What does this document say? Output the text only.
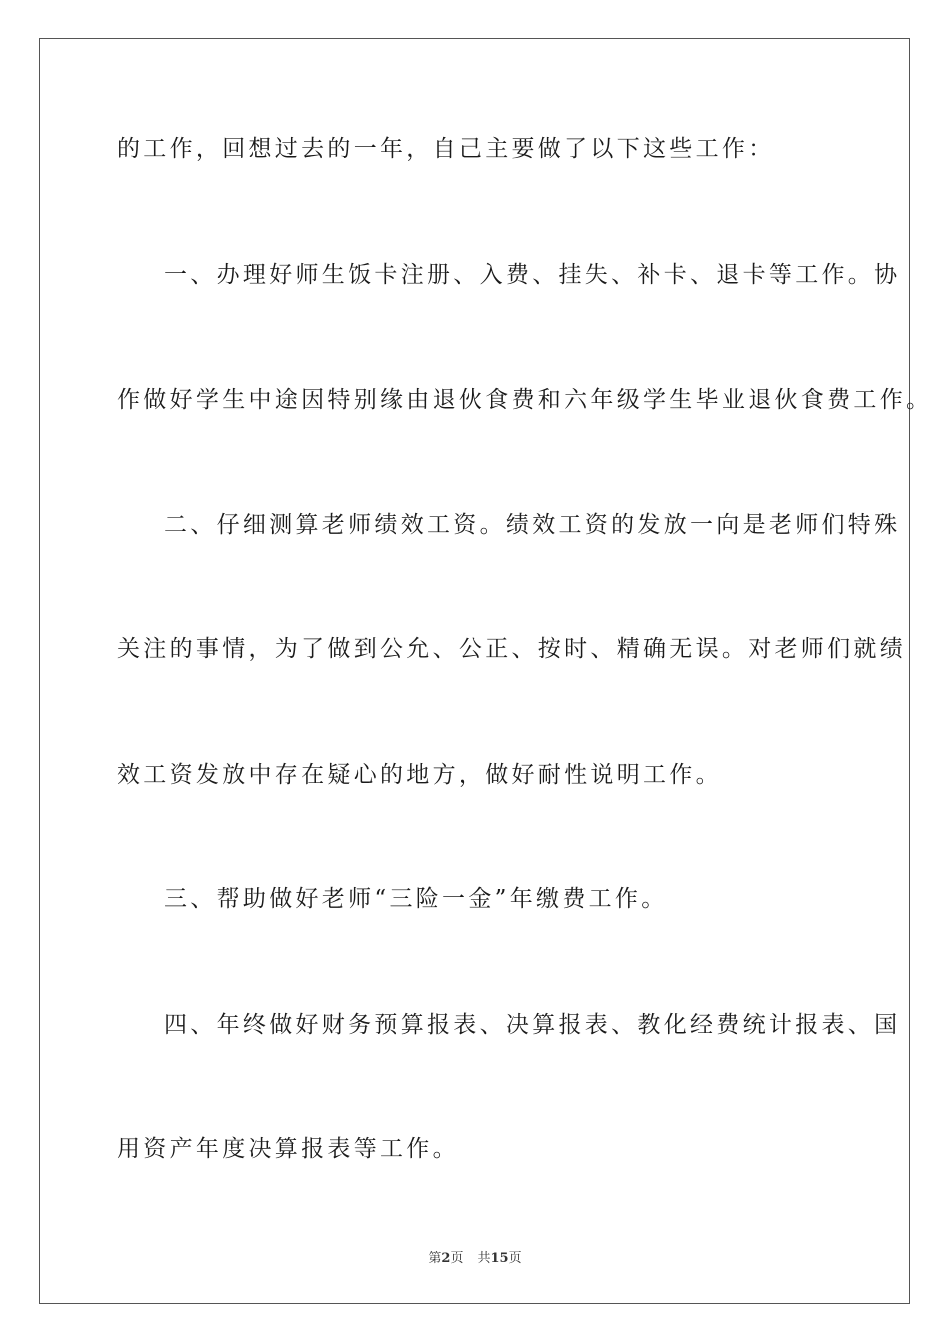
的工作，回想过去的一年，自己主要做了以下这些工作：
一、办理好师生饭卡注册、入费、挂失、补卡、退卡等工作。协
作做好学生中途因特别缘由退伙食费和六年级学生毕业退伙食费工作。
二、仔细测算老师绩效工资。绩效工资的发放一向是老师们特殊
关注的事情，为了做到公允、公正、按时、精确无误。对老师们就绩
效工资发放中存在疑心的地方，做好耐性说明工作。
三、帮助做好老师“三险一金”年缴费工作。
四、年终做好财务预算报表、决算报表、教化经费统计报表、国
用资产年度决算报表等工作。
第2页 共15页
